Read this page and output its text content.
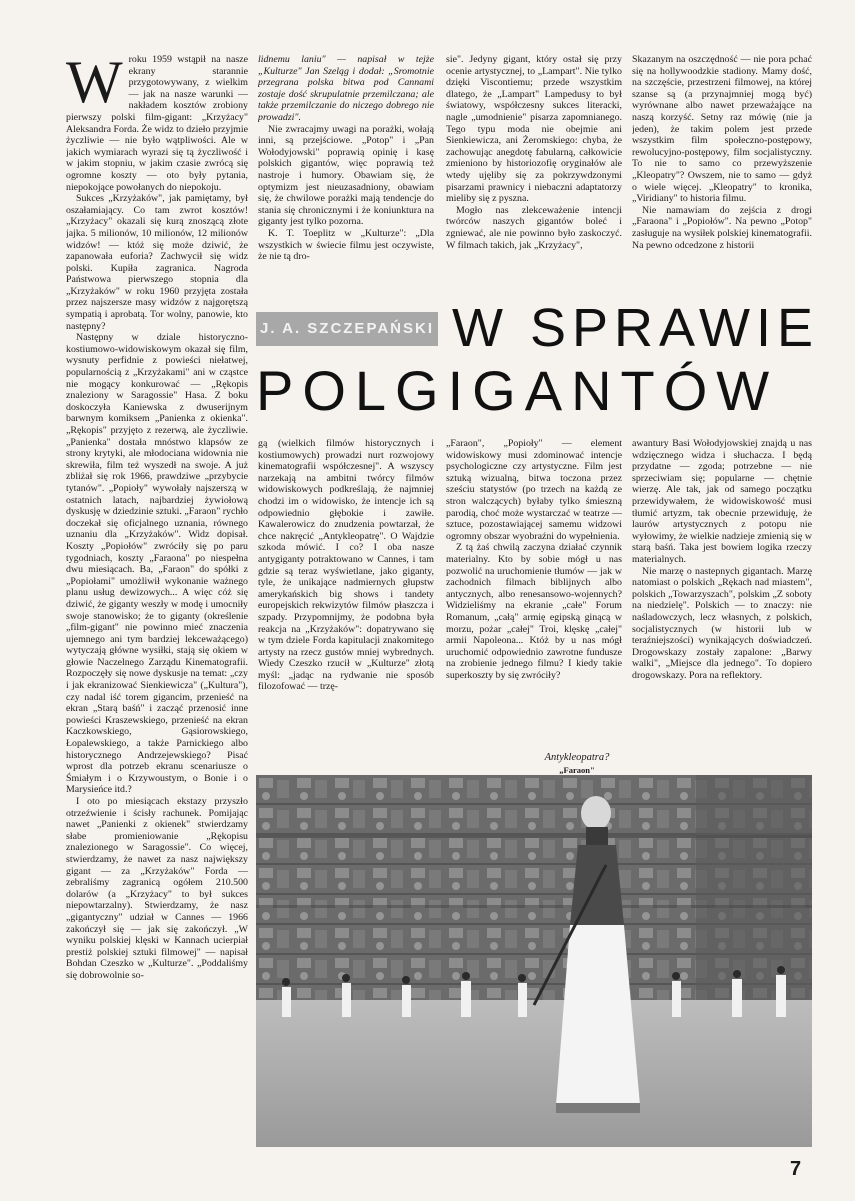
Wroku 1959 wstąpił na nasze ekrany starannie przygotowywany, z wielkim — jak na nasze warunki — nakładem kosztów zrobiony pierwszy polski film-gigant: „Krzyżacy" Aleksandra Forda. Że widz to dzieło przyjmie życzliwie — nie było wątpliwości. Ale w jakich wymiarach wyrazi się tą życzliwość i w jakim stopniu, w jakim czasie zwrócą się ogromne koszty — oto były pytania, niepokojące powołanych do niepokoju.

Sukces „Krzyżaków", jak pamiętamy, był oszałamiający. Co tam zwrot kosztów! „Krzyżacy" okazali się kurą znoszącą złote jajka. 5 milionów, 10 milionów, 12 milionów widzów! — któż się może dziwić, że zapanowała euforia? Zachwycił się widz polski. Kupiła zagranica. Nagroda Państwowa pierwszego stopnia dla „Krzyżaków" w roku 1960 przyjęta została przez najszersze masy widzów z najgorętszą sympatią i aprobatą. Tor wolny, panowie, kto następny?

Następny w dziale historyczno-kostiumowo-widowiskowym okazał się film, wysnuty perfidnie z powieści niełatwej, popularnością z „Krzyżakami" ani w cząstce nie mogący konkurować — „Rękopis znaleziony w Saragossie" Hasa. Z boku doskoczyła Kaniewska z dwuserijnym barwnym komiksem „Panienka z okienka". „Rękopis" przyjęto z rezerwą, ale życzliwie. „Panienka" dostała mnóstwo klapsów ze strony krytyki, ale młodociana widownia nie skrewiła, film też wyszedł na swoje. A już zbliżał się rok 1966, prawdziwe „przybycie tytanów". „Popioły" wywołały najszerszą w ostatnich latach, najbardziej żywiołową dyskusję w dziedzinie sztuki. „Faraon" rychło doczekał się oficjalnego uznania, równego uznaniu dla „Krzyżaków". Widz dopisał. Koszty „Popiołów" zwróciły się po paru tygodniach, koszty „Faraona" po niespełna dwu miesiącach. Ba, „Faraon" do spółki z „Popiołami" umożliwił wykonanie ważnego planu usług dewizowych... A więc cóż się dziwić, że giganty weszły w modę i umocniły swoje stanowisko; że to giganty (określenie „film-gigant" nie powinno mieć znaczenia ujemnego ani tym bardziej lekceważącego) wytyczają główne wysiłki, stają się okiem w głowie Naczelnego Zarządu Kinematografii. Rozpoczęły się nowe dyskusje na temat: „czy i jak ekranizować Sienkiewicza" („Kultura"), czy nadal iść torem gigancim, przenieść na ekran „Starą baśń" i zacząć przenosić inne powieści Kraszewskiego, przenieść na ekran Kaczkowskiego, Gąsiorowskiego, Łopalewskiego, a także Parnickiego albo historycznego Andrzejewskiego? Pisać wprost dla potrzeb ekranu scenariusze o Śmiałym i o Krzywoustym, o Bonie i o Marysieńce itd.?

I oto po miesiącach ekstazy przyszło otrzeźwienie i ścisły rachunek. Pomijając nawet „Panienki z okienek" stwierdzamy słabe promieniowanie „Rękopisu znalezionego w Saragossie". Co więcej, stwierdzamy, że nawet za nasz największy gigant — za „Krzyżaków" Forda — zebraliśmy zagranicą ogółem 210.500 dolarów (a „Krzyżacy" to był sukces niepowtarzalny). Stwierdzamy, że nasz „gigantyczny" udział w Cannes — 1966 zakończył się — jak się zakończył. „W wyniku polskiej klęski w Kannach ucierpiał prestiż polskiej sztuki filmowej" — napisał Bohdan Czeszko w „Kulturze". „Poddaliśmy się dobrowolnie so-

lidnemu laniu" — napisał w tejże „Kulturze" Jan Szeląg i dodał: „Sromotnie przegrana polska bitwa pod Cannami zostaje dość skrupulatnie przemilczana; ale także przemilczanie do niczego dobrego nie prowadzi".

Nie zwracajmy uwagi na porażki, wołają inni, są przejściowe. „Potop" i „Pan Wołodyjowski" poprawią opinię i kasę polskich gigantów, więc poprawią też nastroje i humory. Obawiam się, że optymizm jest nieuzasadniony, obawiam się, że chwilowe porażki mają tendencje do stania się chronicznymi i że koniunktura na giganty jest tylko pozorna.

K. T. Toeplitz w „Kulturze": „Dla wszystkich w świecie filmu jest oczywiste, że nie tą dro-

sie". Jedyny gigant, który ostał się przy ocenie artystycznej, to „Lampart". Nie tylko dzięki Viscontiemu; przede wszystkim dlatego, że „Lampart" Lampedusy to był światowy, współczesny sukces literacki, nagle „umodnienie" pisarza zapomnianego. Tego typu moda nie obejmie ani Sienkiewicza, ani Żeromskiego: chyba, że zachowując anegdotę fabularną, całkowicie zmieniono by historiozofię oryginałów ale wtedy ujęliby się za pokrzywdzonymi pisarzami prawnicy i niebaczni adaptatorzy mieliby się z pyszna.

Mogło nas zlekceważenie intencji twórców naszych gigantów boleć i zgniewać, ale nie powinno było zaskoczyć. W filmach takich, jak „Krzyżacy",

Skazanym na oszczędność — nie pora pchać się na hollywoodzkie stadiony. Mamy dość, na szczęście, przestrzeni filmowej, na której szanse są (a przynajmniej mogą być) wyrównane albo nawet przeważające na naszą korzyść. Setny raz mówię (nie ja jeden), że takim polem jest przede wszystkim film społeczno-postępowy, rewolucyjno-postępowy, film socjalistyczny. To nie to samo co przewyższenie „Kleopatry"? Owszem, nie to samo — gdyż o wiele więcej. „Kleopatry" to kronika, „Viridiany" to historia filmu.

Nie namawiam do zejścia z drogi „Faraona" i „Popiołów". Na pewno „Potop" zasługuje na wysiłek polskiej kinematografii. Na pewno odcedzone z historii

J. A. SZCZEPAŃSKI W SPRAWIE
POLGIGANTÓW

gą (wielkich filmów historycznych i kostiumowych) prowadzi nurt rozwojowy kinematografii współczesnej". A wszyscy narzekają na ambitni twórcy filmów widowiskowych podkreślają, że najmniej chodzi im o widowisko, że intencje ich są odpowiednio głębokie i zawiłe. Kawalerowicz do znudzenia powtarzał, że chce nakręcić „Antykleopatrę". O Wajdzie szkoda mówić. I co? I oba nasze antygiganty potraktowano w Cannes, i tam gdzie są teraz wyświetlane, jako giganty, tyle, że unikające nadmiernych głupstw amerykańskich big shows i tandety europejskich rekwizytów filmów płaszcza i szpady. Przypomnijmy, że podobna była reakcja na „Krzyżaków": dopatrywano się w tym dziele Forda kapitulacji znakomitego artysty na rzecz gustów mniej wybrednych. Wiedy Czeszko rzucił w „Kulturze" złotą myśl: „jadąc na rydwanie nie sposób filozofować — trzę-

„Faraon", „Popioły" — element widowiskowy musi zdominować intencje psychologiczne czy artystyczne. Film jest sztuką wizualną, bitwa toczona przez sześciu statystów (po trzech na każdą ze stron walczących) byłaby tylko śmieszną parodią, choć może wystarczać w teatrze — sztuce, pozostawiającej samemu widzowi ogromny obszar wyobraźni do wypełnienia.

Z tą żaś chwilą zaczyna działać czynnik materialny. Kto by sobie mógł u nas pozwolić na uruchomienie tłumów — jak w zachodnich filmach biblijnych albo antycznych, albo renesansowo-wojennych? Widzieliśmy na ekranie „całe" Forum Romanum, „całą" armię egipską ginącą w morzu, pożar „całej" Troi, klęskę „całej" armii Napoleona... Któż by u nas mógł uruchomić odpowiednio zawrotne fundusze na zrobienie jednego filmu? I kiedy takie superkoszty by się zwróciły?

awantury Basi Wołodyjowskiej znajdą u nas wdzięcznego widza i słuchacza. I będą przydatne — zgoda; potrzebne — nie sprzeciwiam się; popularne — chętnie wierzę. Ale tak, jak od samego początku przewidywałem, że widowiskowość musi tłumić artyzm, tak obecnie przewiduję, że laurów artystycznych z potopu nie wyłowimy, że wielkie nadzieje zmienią się w starą baśń. Taka jest bowiem logika rzeczy materialnych.

Nie marzę o nastepnych gigantach. Marzę natomiast o polskich „Rękach nad miastem", polskich „Towarzyszach", polskim „Z soboty na niedzielę". Polskich — to znaczy: nie naśladowczych, lecz własnych, z polskich, socjalistycznych (w historii lub w teraźniejszości) wynikających doświadczeń. Drogowskazy zostały zapalone: „Barwy walki", „Miejsce dla jednego". To dopiero drogowskazy. Pora na reflektory.

Antykleopatra?
„Faraon"
7
